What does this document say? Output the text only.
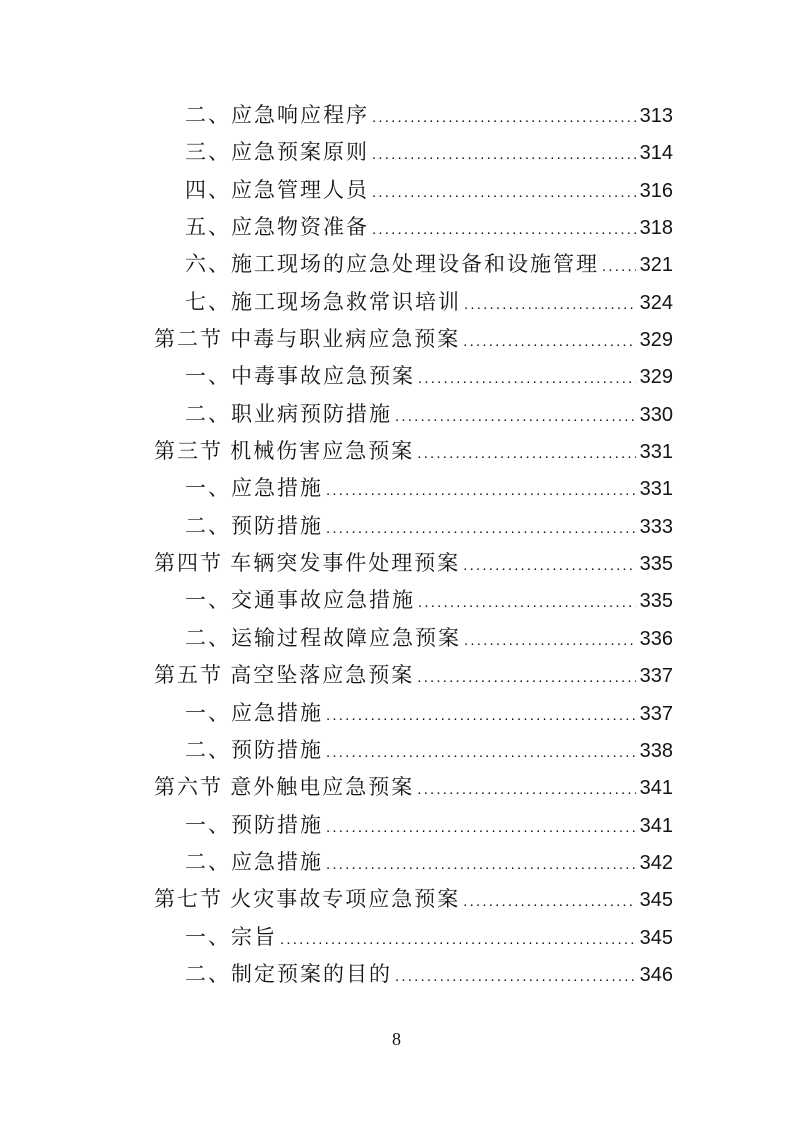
二、应急响应程序 .....	313
三、应急预案原则 .....	314
四、应急管理人员 .....	316
五、应急物资准备 .....	318
六、施工现场的应急处理设备和设施管理 ..... 321
七、施工现场急救常识培训 .....	324
第二节 中毒与职业病应急预案 .....	329
一、中毒事故应急预案 .....	329
二、职业病预防措施 .....	330
第三节 机械伤害应急预案 .....	331
一、应急措施 .....	331
二、预防措施 .....	333
第四节 车辆突发事件处理预案 .....	335
一、交通事故应急措施 .....	335
二、运输过程故障应急预案 .....	336
第五节 高空坠落应急预案 .....	337
一、应急措施 .....	337
二、预防措施 .....	338
第六节 意外触电应急预案 .....	341
一、预防措施 .....	341
二、应急措施 .....	342
第七节 火灾事故专项应急预案 .....	345
一、宗旨 .....	345
二、制定预案的目的 .....	346
8
